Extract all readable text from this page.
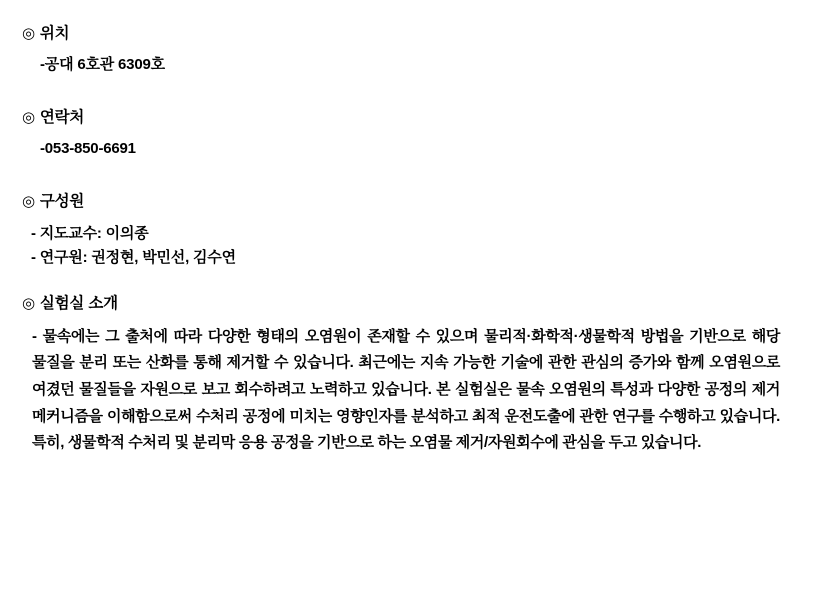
◎ 위치
-공대 6호관 6309호
◎ 연락처
-053-850-6691
◎ 구성원
- 지도교수: 이의종
- 연구원: 권정현, 박민선, 김수연
◎ 실험실 소개

- 물속에는 그 출처에 따라 다양한 형태의 오염원이 존재할 수 있으며 물리적·화학적·생물학적 방법을 기반으로 해당 물질을 분리 또는 산화를 통해 제거할 수 있습니다. 최근에는 지속 가능한 기술에 관한 관심의 증가와 함께 오염원으로 여겼던 물질들을 자원으로 보고 회수하려고 노력하고 있습니다. 본 실험실은 물속 오염원의 특성과 다양한 공정의 제거 메커니즘을 이해함으로써 수처리 공정에 미치는 영향인자를 분석하고 최적 운전도출에 관한 연구를 수행하고 있습니다. 특히, 생물학적 수처리 및 분리막 응용 공정을 기반으로 하는 오염물 제거/자원회수에 관심을 두고 있습니다.
